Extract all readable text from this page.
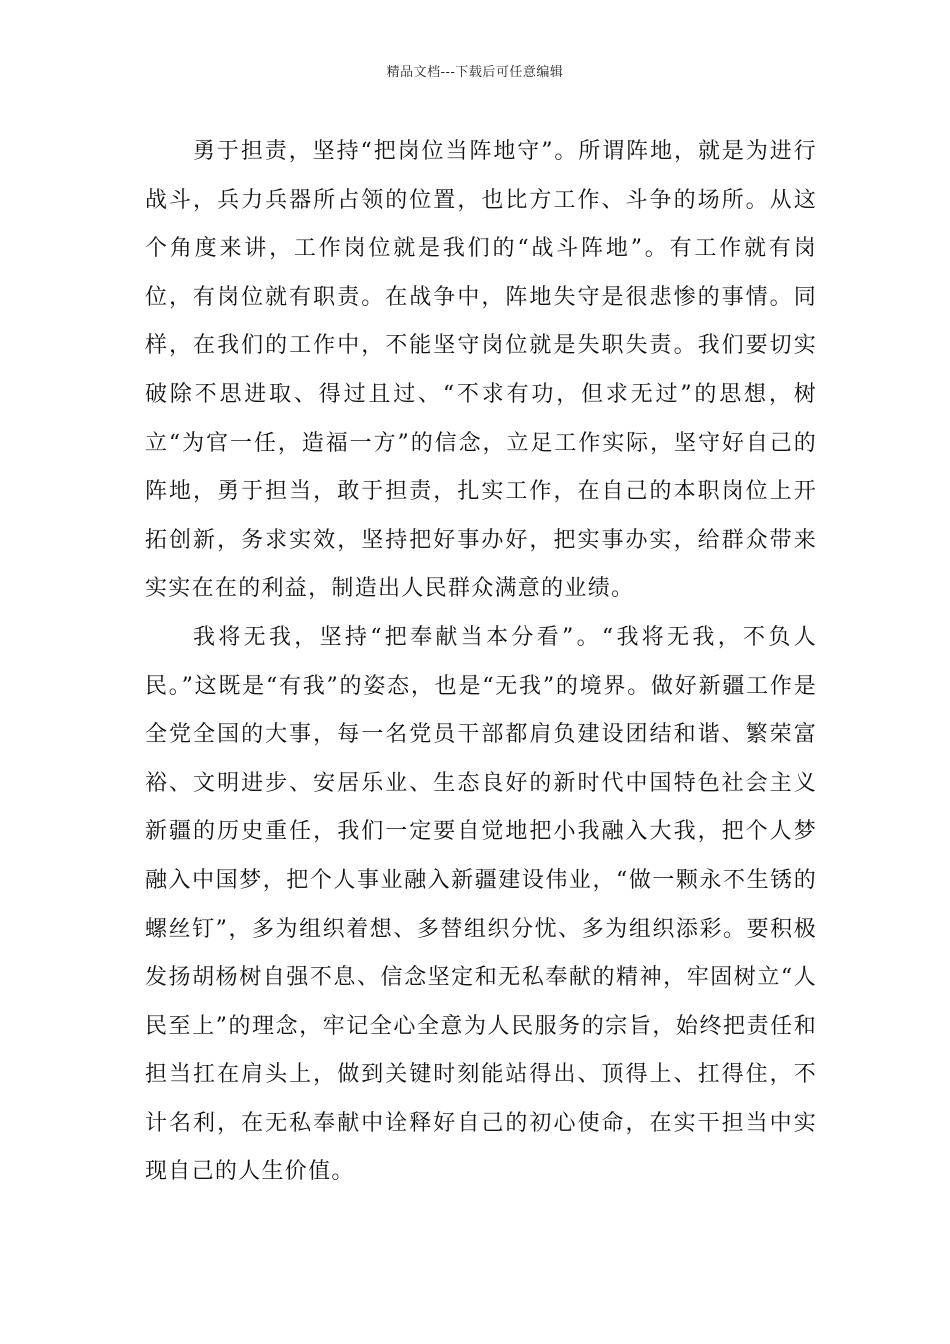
精品文档---下载后可任意编辑

勇于担责，坚持“把岗位当阵地守”。所谓阵地，就是为进行战斗，兵力兵器所占领的位置，也比方工作、斗争的场所。从这个角度来讲，工作岗位就是我们的“战斗阵地”。有工作就有岗位，有岗位就有职责。在战争中，阵地失守是很悲惨的事情。同样，在我们的工作中，不能坚守岗位就是失职失责。我们要切实破除不思进取、得过且过、“不求有功，但求无过”的思想，树立“为官一任，造福一方”的信念，立足工作实际，坚守好自己的阵地，勇于担当，敢于担责，扎实工作，在自己的本职岗位上开拓创新，务求实效，坚持把好事办好，把实事办实，给群众带来实实在在的利益，制造出人民群众满意的业绩。

我将无我，坚持“把奉献当本分看”。“我将无我，不负人民。”这既是“有我”的姿态，也是“无我”的境界。做好新疆工作是全党全国的大事，每一名党员干部都肩负建设团结和谐、繁荣富裕、文明进步、安居乐业、生态良好的新时代中国特色社会主义新疆的历史重任，我们一定要自觉地把小我融入大我，把个人梦融入中国梦，把个人事业融入新疆建设伟业，“做一颗永不生锈的螺丝钉”，多为组织着想、多替组织分忧、多为组织添彩。要积极发扬胡杨树自强不息、信念坚定和无私奉献的精神，牢固树立“人民至上”的理念，牢记全心全意为人民服务的宗旨，始终把责任和担当扛在肩头上，做到关键时刻能站得出、顶得上、扛得住，不计名利，在无私奉献中诠释好自己的初心使命，在实干担当中实现自己的人生价值。
